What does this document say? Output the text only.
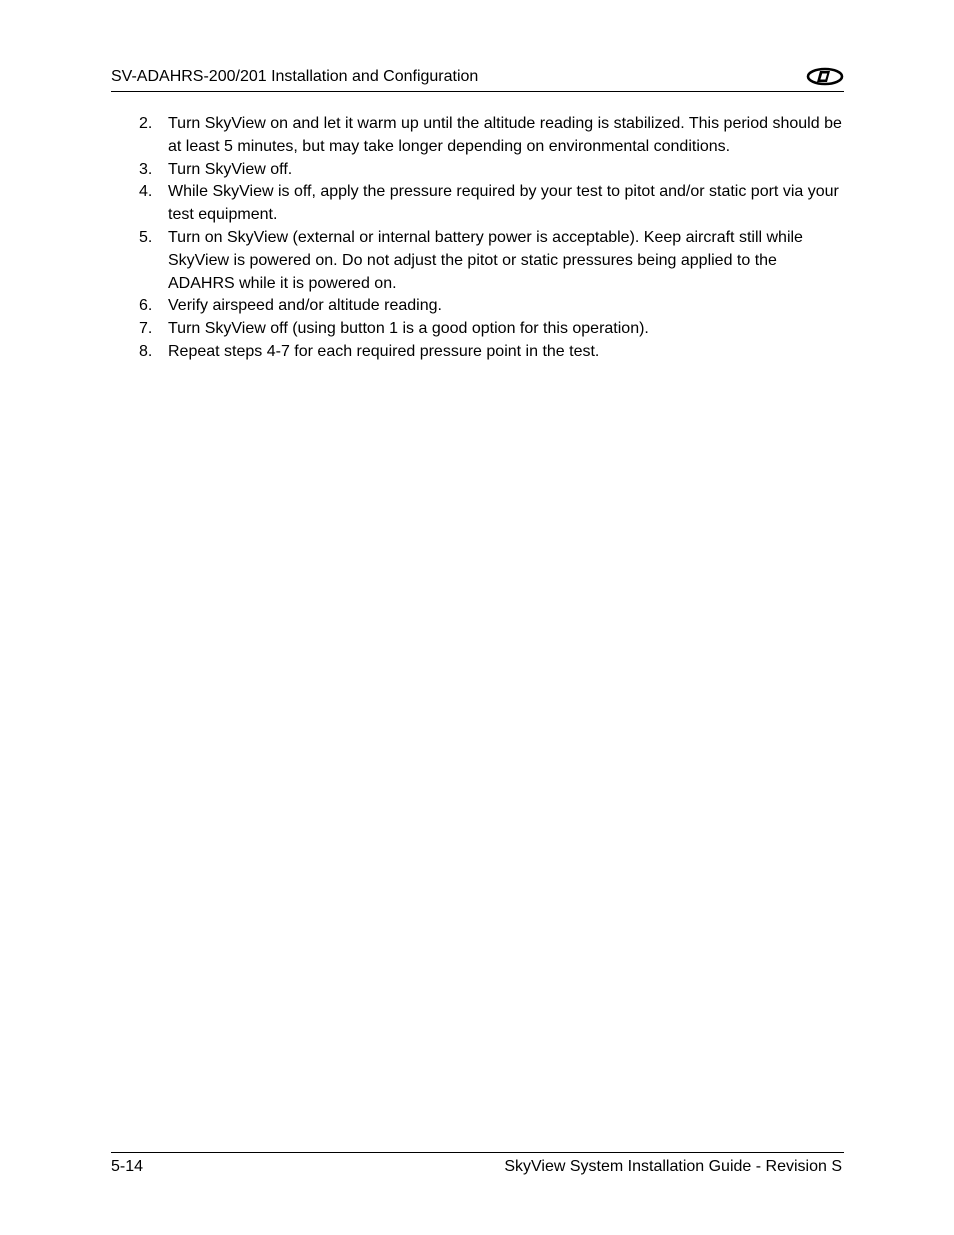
SV-ADAHRS-200/201 Installation and Configuration
2. Turn SkyView on and let it warm up until the altitude reading is stabilized. This period should be at least 5 minutes, but may take longer depending on environmental conditions.
3. Turn SkyView off.
4. While SkyView is off, apply the pressure required by your test to pitot and/or static port via your test equipment.
5. Turn on SkyView (external or internal battery power is acceptable). Keep aircraft still while SkyView is powered on. Do not adjust the pitot or static pressures being applied to the ADAHRS while it is powered on.
6. Verify airspeed and/or altitude reading.
7. Turn SkyView off (using button 1 is a good option for this operation).
8. Repeat steps 4-7 for each required pressure point in the test.
5-14	SkyView System Installation Guide - Revision S
